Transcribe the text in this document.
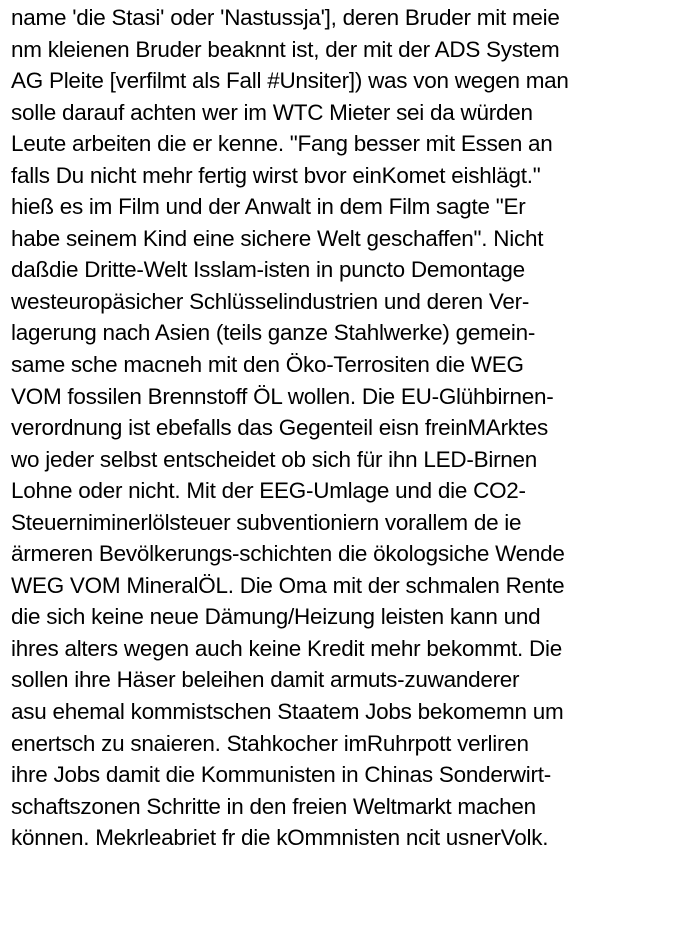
name 'die Stasi' oder 'Nastussja'], deren Bruder mit meie
nm kleienen Bruder beaknnt ist, der mit der ADS System
AG Pleite [verfilmt als Fall #Unsiter]) was von wegen man
solle darauf achten wer im WTC Mieter sei da würden
Leute arbeiten die er kenne. "Fang besser mit Essen an
falls Du nicht mehr fertig wirst bvor einKomet eishlägt."
hieß es im Film und der Anwalt in dem Film sagte "Er
habe seinem Kind eine sichere Welt geschaffen". Nicht
daßdie Dritte-Welt Isslam-isten in puncto Demontage
westeuropäsicher Schlüsselindustrien und deren Ver-
lagerung nach Asien (teils ganze Stahlwerke) gemein-
same sche macneh mit den Öko-Terrositen die WEG
VOM fossilen Brennstoff ÖL wollen. Die EU-Glühbirnen-
verordnung ist ebefalls das Gegenteil eisn freinMArktes
wo jeder selbst entscheidet ob sich für ihn LED-Birnen
Lohne oder nicht. Mit der EEG-Umlage und die CO2-
Steuerniminerlölsteuer subventioniern vorallem de ie
ärmeren Bevölkerungs-schichten die ökologsiche Wende
WEG VOM MineralÖL. Die Oma mit der schmalen Rente
die sich keine neue Dämung/Heizung leisten kann und
ihres alters wegen auch keine Kredit mehr bekommt. Die
sollen ihre Häser beleihen damit armuts-zuwanderer
asu ehemal kommistschen Staatem Jobs bekomemn um
enertsch zu snaieren. Stahkocher imRuhrpott verliren
ihre Jobs damit die Kommunisten in Chinas Sonderwirt-
schaftszonen Schritte in den freien Weltmarkt machen
können. Mekrleabriet fr die kOmmnisten ncit usnerVolk.
